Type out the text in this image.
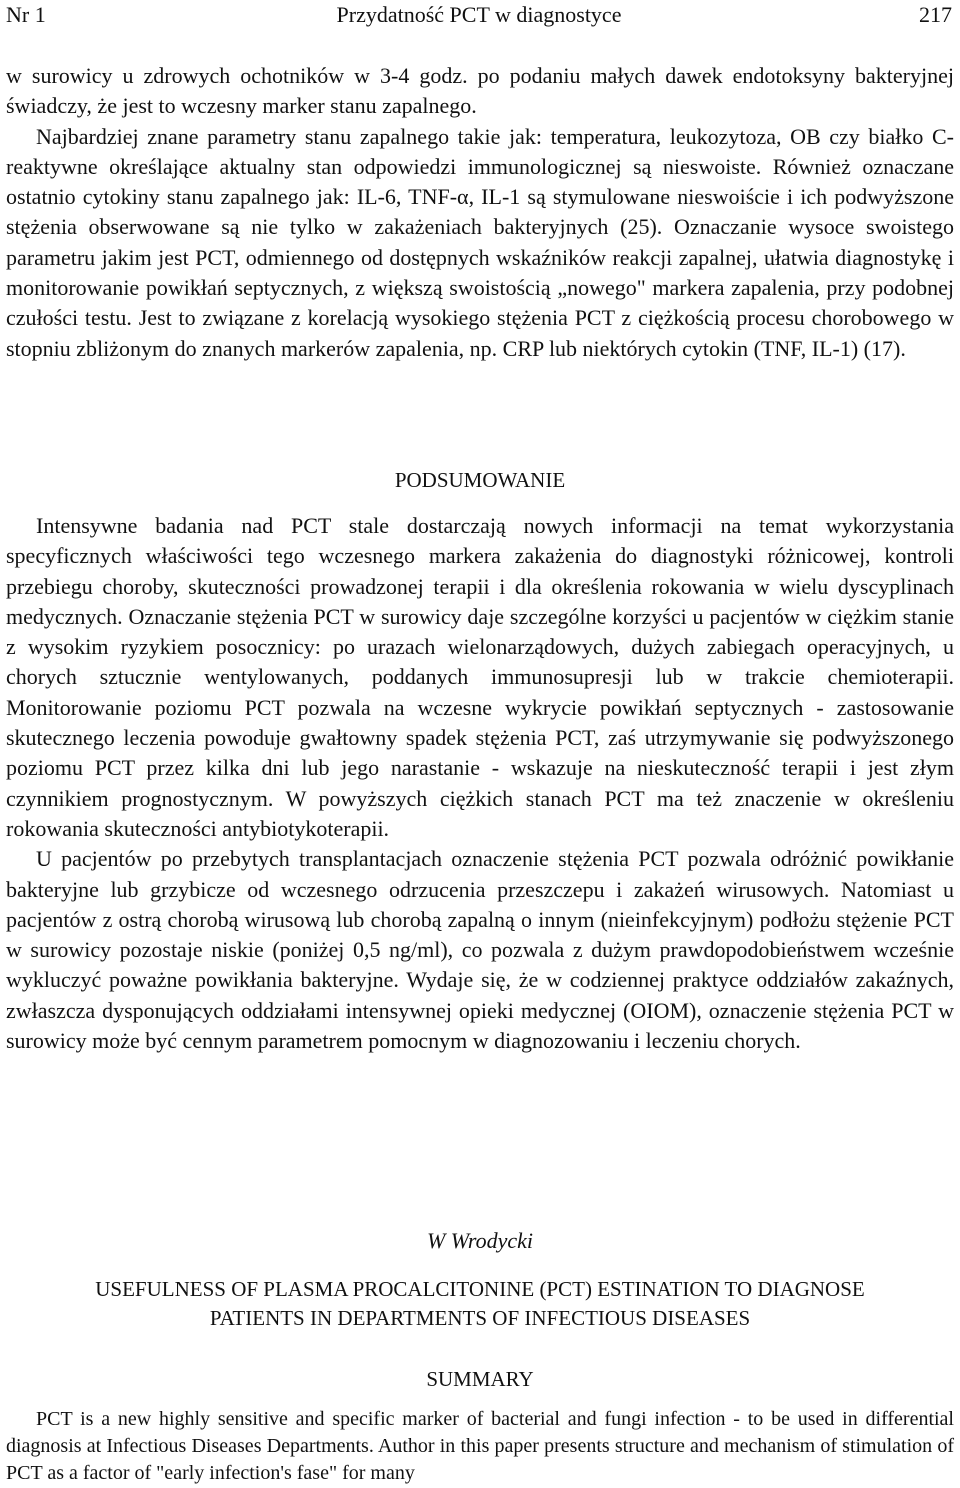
Nr 1	Przydatność PCT w diagnostyce	217

w surowicy u zdrowych ochotników w 3-4 godz. po podaniu małych dawek endotoksyny bakteryjnej świadczy, że jest to wczesny marker stanu zapalnego.

Najbardziej znane parametry stanu zapalnego takie jak: temperatura, leukozytoza, OB czy białko C-reaktywne określające aktualny stan odpowiedzi immunologicznej są nieswoiste. Również oznaczane ostatnio cytokiny stanu zapalnego jak: IL-6, TNF-α, IL-1 są stymulowane nieswoiście i ich podwyższone stężenia obserwowane są nie tylko w zakażeniach bakteryjnych (25). Oznaczanie wysoce swoistego parametru jakim jest PCT, odmiennego od dostępnych wskaźników reakcji zapalnej, ułatwia diagnostykę i monitorowanie powikłań septycznych, z większą swoistością „nowego" markera zapalenia, przy podobnej czułości testu. Jest to związane z korelacją wysokiego stężenia PCT z ciężkością procesu chorobowego w stopniu zbliżonym do znanych markerów zapalenia, np. CRP lub niektórych cytokin (TNF, IL-1) (17).

PODSUMOWANIE

Intensywne badania nad PCT stale dostarczają nowych informacji na temat wykorzystania specyficznych właściwości tego wczesnego markera zakażenia do diagnostyki różnicowej, kontroli przebiegu choroby, skuteczności prowadzonej terapii i dla określenia rokowania w wielu dyscyplinach medycznych. Oznaczanie stężenia PCT w surowicy daje szczególne korzyści u pacjentów w ciężkim stanie z wysokim ryzykiem posocznicy: po urazach wielonarządowych, dużych zabiegach operacyjnych, u chorych sztucznie wentylowanych, poddanych immunosupresji lub w trakcie chemioterapii. Monitorowanie poziomu PCT pozwala na wczesne wykrycie powikłań septycznych - zastosowanie skutecznego leczenia powoduje gwałtowny spadek stężenia PCT, zaś utrzymywanie się podwyższonego poziomu PCT przez kilka dni lub jego narastanie - wskazuje na nieskuteczność terapii i jest złym czynnikiem prognostycznym. W powyższych ciężkich stanach PCT ma też znaczenie w określeniu rokowania skuteczności antybiotykoterapii.

U pacjentów po przebytych transplantacjach oznaczenie stężenia PCT pozwala odróżnić powikłanie bakteryjne lub grzybicze od wczesnego odrzucenia przeszczepu i zakażeń wirusowych. Natomiast u pacjentów z ostrą chorobą wirusową lub chorobą zapalną o innym (nieinfekcyjnym) podłożu stężenie PCT w surowicy pozostaje niskie (poniżej 0,5 ng/ml), co pozwala z dużym prawdopodobieństwem wcześnie wykluczyć poważne powikłania bakteryjne. Wydaje się, że w codziennej praktyce oddziałów zakaźnych, zwłaszcza dysponujących oddziałami intensywnej opieki medycznej (OIOM), oznaczenie stężenia PCT w surowicy może być cennym parametrem pomocnym w diagnozowaniu i leczeniu chorych.

W Wrodycki
USEFULNESS OF PLASMA PROCALCITONINE (PCT) ESTINATION TO DIAGNOSE
PATIENTS IN DEPARTMENTS OF INFECTIOUS DISEASES
SUMMARY

PCT is a new highly sensitive and specific marker of bacterial and fungi infection - to be used in differential diagnosis at Infectious Diseases Departments. Author in this paper presents structure and mechanism of stimulation of PCT as a factor of "early infection's fase" for many
